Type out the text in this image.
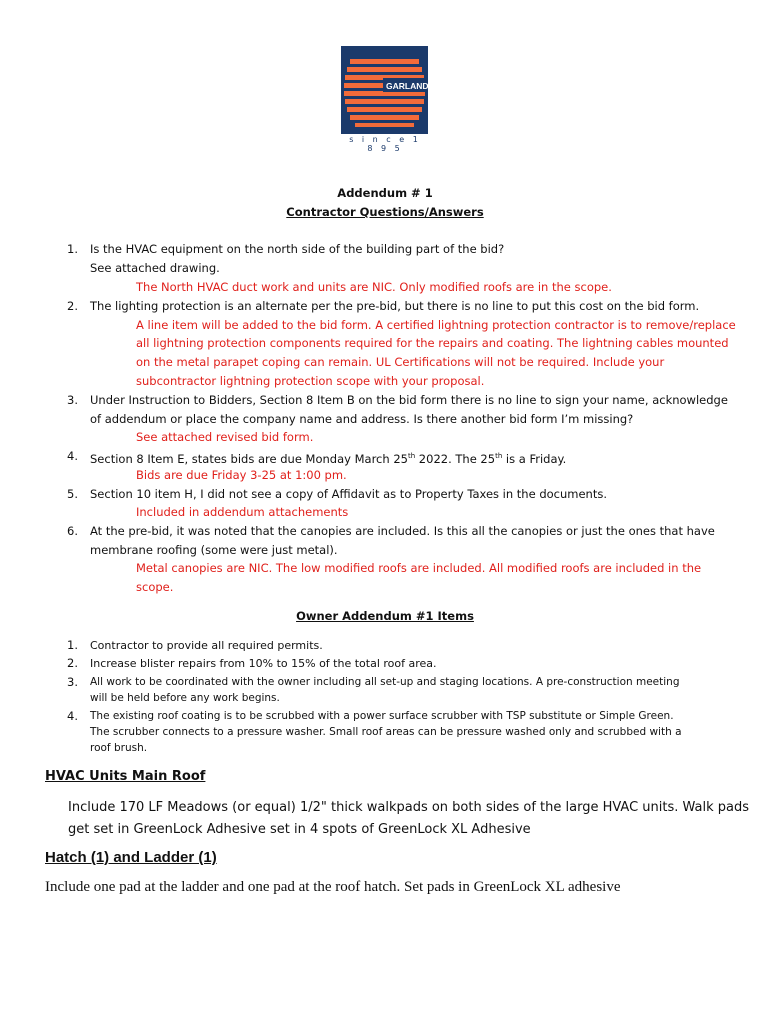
GARLAND
s i n c e 1 8 9 5
Addendum # 1
Contractor Questions/Answers
1. Is the HVAC equipment on the north side of the building part of the bid?
See attached drawing.
The North HVAC duct work and units are NIC. Only modified roofs are in the scope.
2. The lighting protection is an alternate per the pre-bid, but there is no line to put this cost on the bid form.
A line item will be added to the bid form. A certified lightning protection contractor is to remove/replace
all lightning protection components required for the repairs and coating. The lightning cables mounted
on the metal parapet coping can remain. UL Certifications will not be required. Include your
subcontractor lightning protection scope with your proposal.
3. Under Instruction to Bidders, Section 8 Item B on the bid form there is no line to sign your name, acknowledge
of addendum or place the company name and address. Is there another bid form I’m missing?
See attached revised bid form.
4. Section 8 Item E, states bids are due Monday March 25th 2022. The 25th is a Friday.
Bids are due Friday 3-25 at 1:00 pm.
5. Section 10 item H, I did not see a copy of Affidavit as to Property Taxes in the documents.
Included in addendum attachements
6. At the pre-bid, it was noted that the canopies are included. Is this all the canopies or just the ones that have
membrane roofing (some were just metal).
Metal canopies are NIC. The low modified roofs are included. All modified roofs are included in the
scope.
Owner Addendum #1 Items
1. Contractor to provide all required permits.
2. Increase blister repairs from 10% to 15% of the total roof area.
3. All work to be coordinated with the owner including all set-up and staging locations. A pre-construction meeting
will be held before any work begins.
4. The existing roof coating is to be scrubbed with a power surface scrubber with TSP substitute or Simple Green.
The scrubber connects to a pressure washer. Small roof areas can be pressure washed only and scrubbed with a
roof brush.
HVAC Units Main Roof
Include 170 LF Meadows (or equal) 1/2" thick walkpads on both sides of the large HVAC units. Walk pads
get set in GreenLock Adhesive set in 4 spots of GreenLock XL Adhesive
Hatch (1) and Ladder (1)
Include one pad at the ladder and one pad at the roof hatch. Set pads in GreenLock XL adhesive
